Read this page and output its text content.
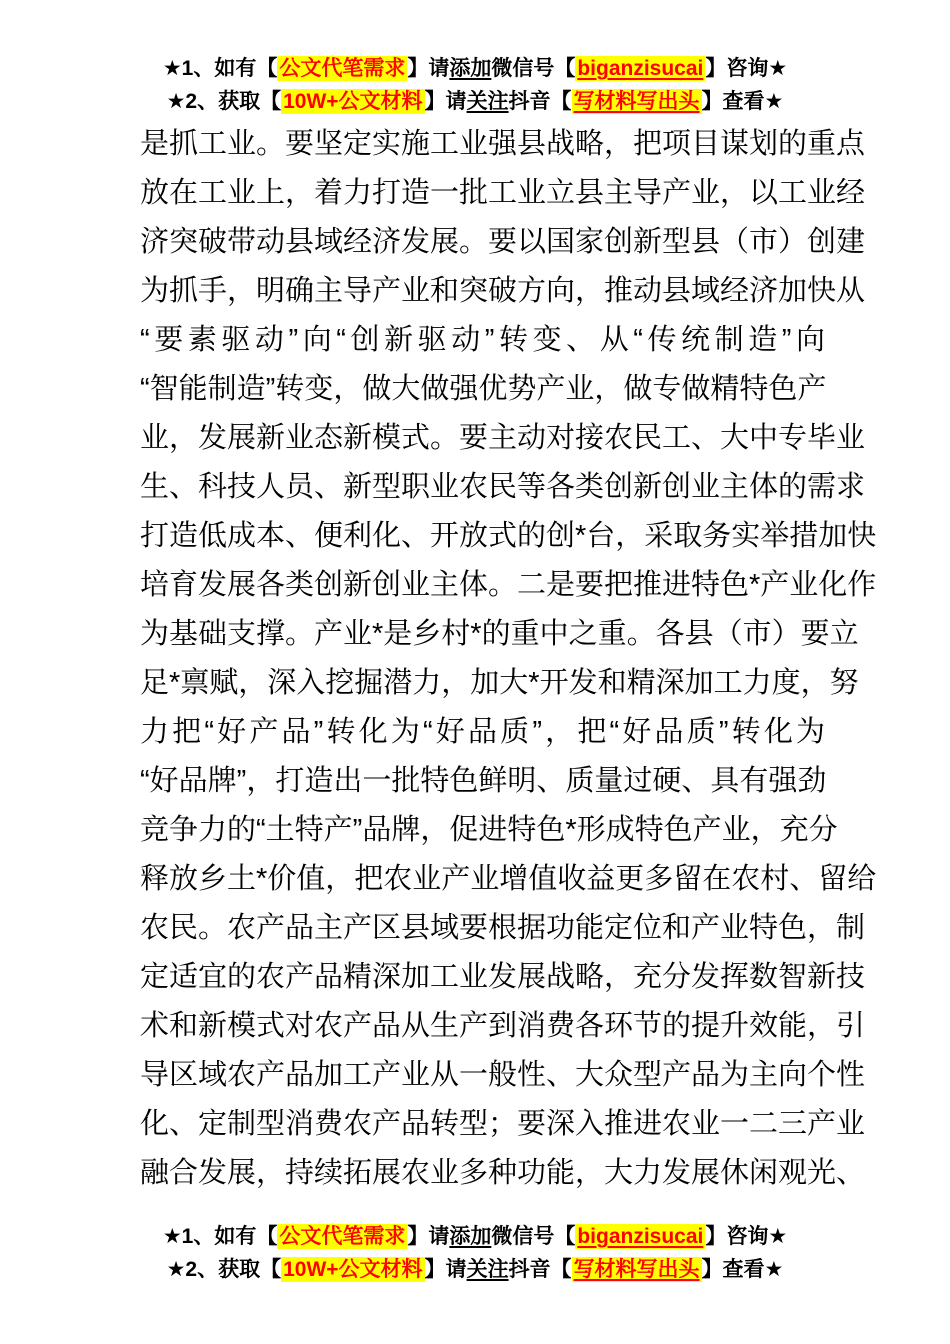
★1、如有【公文代笔需求】请添加微信号【biganzisucai】咨询★
★2、获取【10W+公文材料】请关注抖音【写材料写出头】查看★
是抓工业。要坚定实施工业强县战略，把项目谋划的重点
放在工业上，着力打造一批工业立县主导产业，以工业经
济突破带动县域经济发展。要以国家创新型县（市）创建
为抓手，明确主导产业和突破方向，推动县域经济加快从
“要素驱动”向“创新驱动”转变、从“传统制造”向
“智能制造”转变，做大做强优势产业，做专做精特色产
业，发展新业态新模式。要主动对接农民工、大中专毕业
生、科技人员、新型职业农民等各类创新创业主体的需求
打造低成本、便利化、开放式的创*台，采取务实举措加快
培育发展各类创新创业主体。二是要把推进特色*产业化作
为基础支撑。产业*是乡村*的重中之重。各县（市）要立
足*禀赋，深入挖掘潜力，加大*开发和精深加工力度，努
力把“好产品”转化为“好品质”，把“好品质”转化为
“好品牌”，打造出一批特色鲜明、质量过硬、具有强劲
竞争力的“土特产”品牌，促进特色*形成特色产业，充分
释放乡土*价值，把农业产业增值收益更多留在农村、留给
农民。农产品主产区县域要根据功能定位和产业特色，制
定适宜的农产品精深加工业发展战略，充分发挥数智新技
术和新模式对农产品从生产到消费各环节的提升效能，引
导区域农产品加工产业从一般性、大众型产品为主向个性
化、定制型消费农产品转型；要深入推进农业一二三产业
融合发展，持续拓展农业多种功能，大力发展休闲观光、
★1、如有【公文代笔需求】请添加微信号【biganzisucai】咨询★
★2、获取【10W+公文材料】请关注抖音【写材料写出头】查看★
